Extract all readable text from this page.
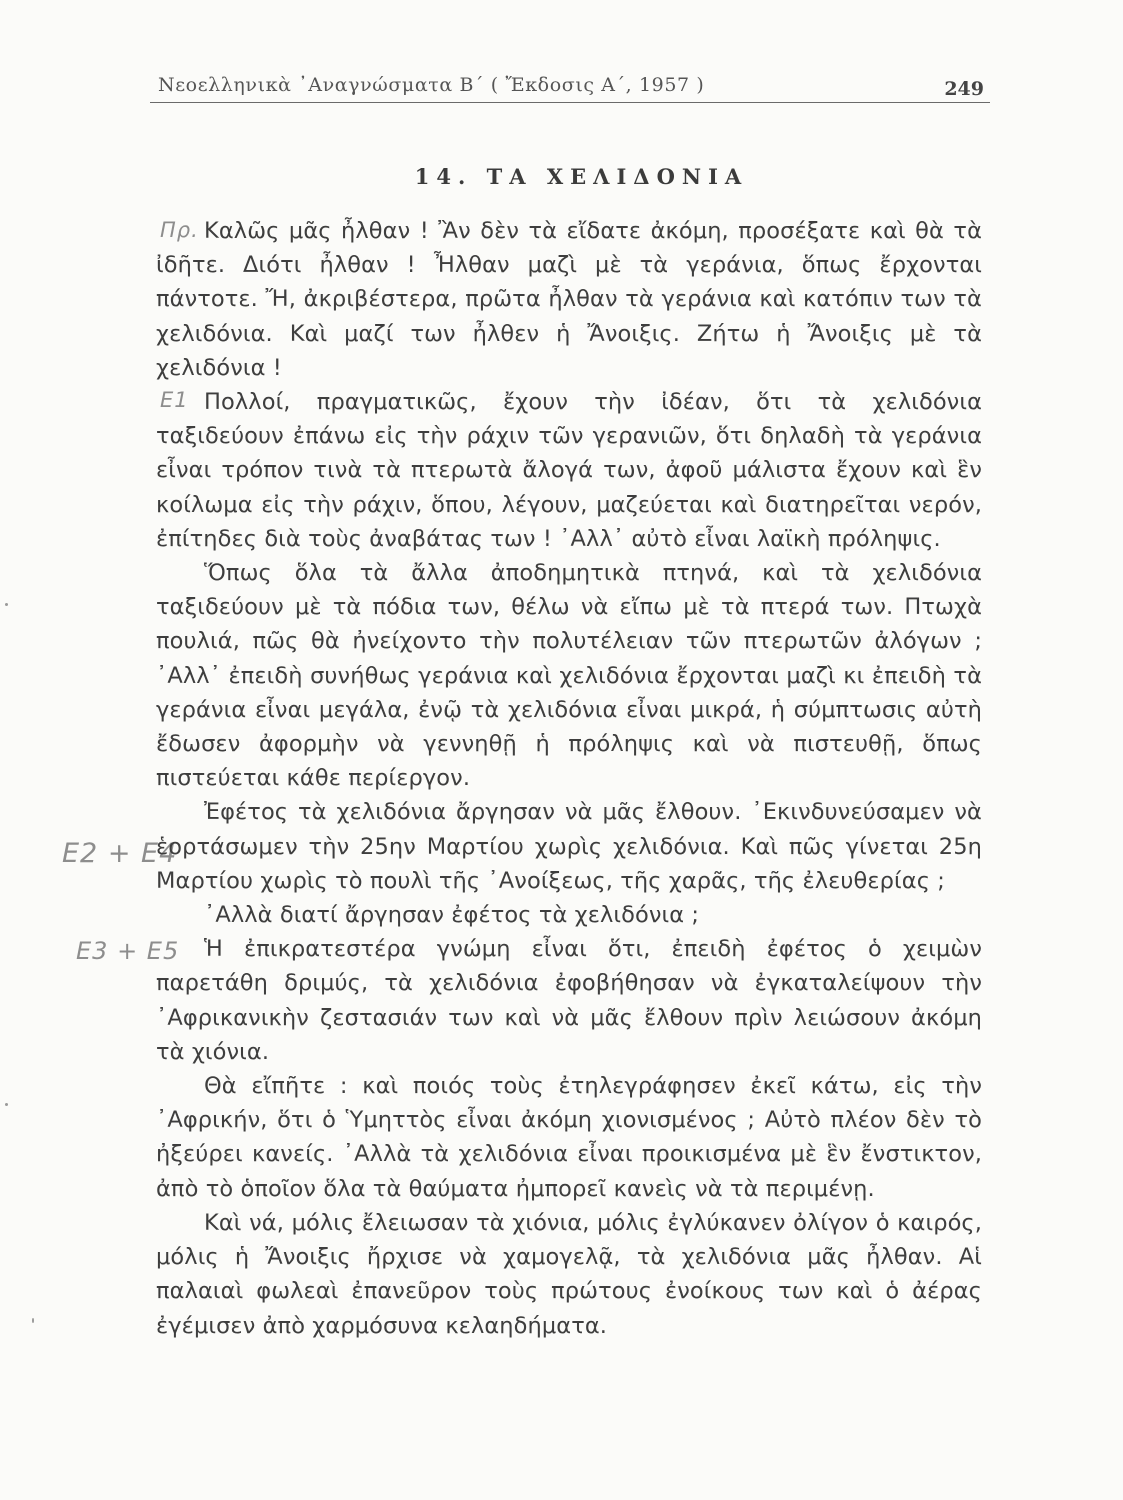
Νεοελληνικὰ ᾿Αναγνώσματα Β΄ ( Ἔκδοσις Α΄, 1957 )	249
14. ΤΑ ΧΕΛΙΔΟΝΙΑ
Πρ.
Ε1
Ε2 + Ε4
Ε3 + Ε5

Καλῶς μᾶς ἦλθαν ! Ἂν δὲν τὰ εἴδατε ἀκόμη, προσέξατε καὶ θὰ τὰ ἰδῆτε. Διότι ἦλθαν ! Ἦλθαν μαζὶ μὲ τὰ γεράνια, ὅπως ἔρχονται πάντοτε. Ἤ, ἀκριβέστερα, πρῶτα ἦλθαν τὰ γεράνια καὶ κατόπιν των τὰ χελιδόνια. Καὶ μαζί των ἦλθεν ἡ Ἄνοιξις. Ζήτω ἡ Ἄνοιξις μὲ τὰ χελιδόνια !

Πολλοί, πραγματικῶς, ἔχουν τὴν ἰδέαν, ὅτι τὰ χελιδόνια ταξιδεύουν ἐπάνω εἰς τὴν ράχιν τῶν γερανιῶν, ὅτι δηλαδὴ τὰ γεράνια εἶναι τρόπον τινὰ τὰ πτερωτὰ ἄλογά των, ἀφοῦ μάλιστα ἔχουν καὶ ἓν κοίλωμα εἰς τὴν ράχιν, ὅπου, λέγουν, μαζεύεται καὶ διατηρεῖται νερόν, ἐπίτηδες διὰ τοὺς ἀναβάτας των ! ᾿Αλλ᾿ αὐτὸ εἶναι λαϊκὴ πρόληψις.

Ὅπως ὅλα τὰ ἄλλα ἀποδημητικὰ πτηνά, καὶ τὰ χελιδόνια ταξιδεύουν μὲ τὰ πόδια των, θέλω νὰ εἴπω μὲ τὰ πτερά των. Πτωχὰ πουλιά, πῶς θὰ ἠνείχοντο τὴν πολυτέλειαν τῶν πτερωτῶν ἀλόγων ; ᾿Αλλ᾿ ἐπειδὴ συνήθως γεράνια καὶ χελιδόνια ἔρχονται μαζὶ κι ἐπειδὴ τὰ γεράνια εἶναι μεγάλα, ἐνῷ τὰ χελιδόνια εἶναι μικρά, ἡ σύμπτωσις αὐτὴ ἔδωσεν ἀφορμὴν νὰ γεννηθῇ ἡ πρόληψις καὶ νὰ πιστευθῇ, ὅπως πιστεύεται κάθε περίεργον.

Ἐφέτος τὰ χελιδόνια ἄργησαν νὰ μᾶς ἔλθουν. ᾿Εκινδυνεύσαμεν νὰ ἑορτάσωμεν τὴν 25ην Μαρτίου χωρὶς χελιδόνια. Καὶ πῶς γίνεται 25η Μαρτίου χωρὶς τὸ πουλὶ τῆς ᾿Ανοίξεως, τῆς χαρᾶς, τῆς ἐλευθερίας ;

᾿Αλλὰ διατί ἄργησαν ἐφέτος τὰ χελιδόνια ;

Ἡ ἐπικρατεστέρα γνώμη εἶναι ὅτι, ἐπειδὴ ἐφέτος ὁ χειμὼν παρετάθη δριμύς, τὰ χελιδόνια ἐφοβήθησαν νὰ ἐγκαταλείψουν τὴν ᾿Αφρικανικὴν ζεστασιάν των καὶ νὰ μᾶς ἔλθουν πρὶν λειώσουν ἀκόμη τὰ χιόνια.

Θὰ εἴπῆτε : καὶ ποιός τοὺς ἐτηλεγράφησεν ἐκεῖ κάτω, εἰς τὴν ᾿Αφρικήν, ὅτι ὁ Ὑμηττὸς εἶναι ἀκόμη χιονισμένος ; Αὐτὸ πλέον δὲν τὸ ἠξεύρει κανείς. ᾿Αλλὰ τὰ χελιδόνια εἶναι προικισμένα μὲ ἓν ἔνστικτον, ἀπὸ τὸ ὁποῖον ὅλα τὰ θαύματα ἠμπορεῖ κανεὶς νὰ τὰ περιμένῃ.

Καὶ νά, μόλις ἔλειωσαν τὰ χιόνια, μόλις ἐγλύκανεν ὀλίγον ὁ καιρός, μόλις ἡ Ἄνοιξις ἤρχισε νὰ χαμογελᾷ, τὰ χελιδόνια μᾶς ἦλθαν. Αἱ παλαιαὶ φωλεαὶ ἐπανεῦρον τοὺς πρώτους ἐνοίκους των καὶ ὁ ἀέρας ἐγέμισεν ἀπὸ χαρμόσυνα κελαηδήματα.
